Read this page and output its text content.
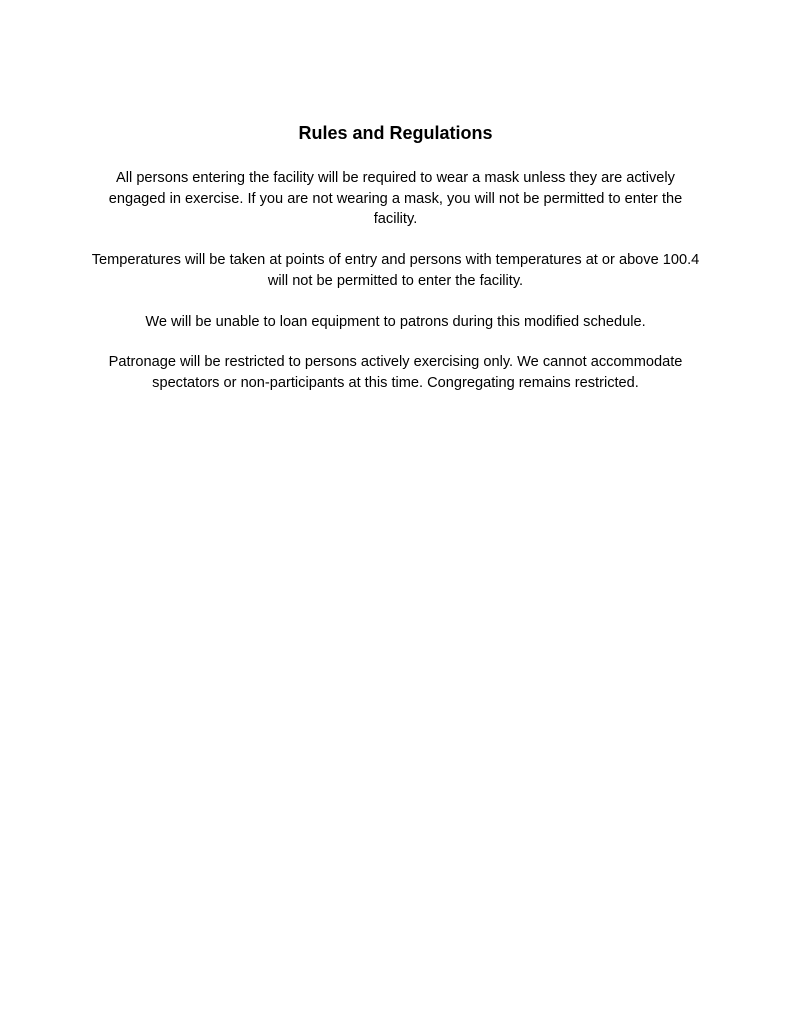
Rules and Regulations

All persons entering the facility will be required to wear a mask unless they are actively
engaged in exercise. If you are not wearing a mask, you will not be permitted to enter the
facility.

Temperatures will be taken at points of entry and persons with temperatures at or above 100.4
will not be permitted to enter the facility.

We will be unable to loan equipment to patrons during this modified schedule.

Patronage will be restricted to persons actively exercising only. We cannot accommodate
spectators or non-participants at this time. Congregating remains restricted.
